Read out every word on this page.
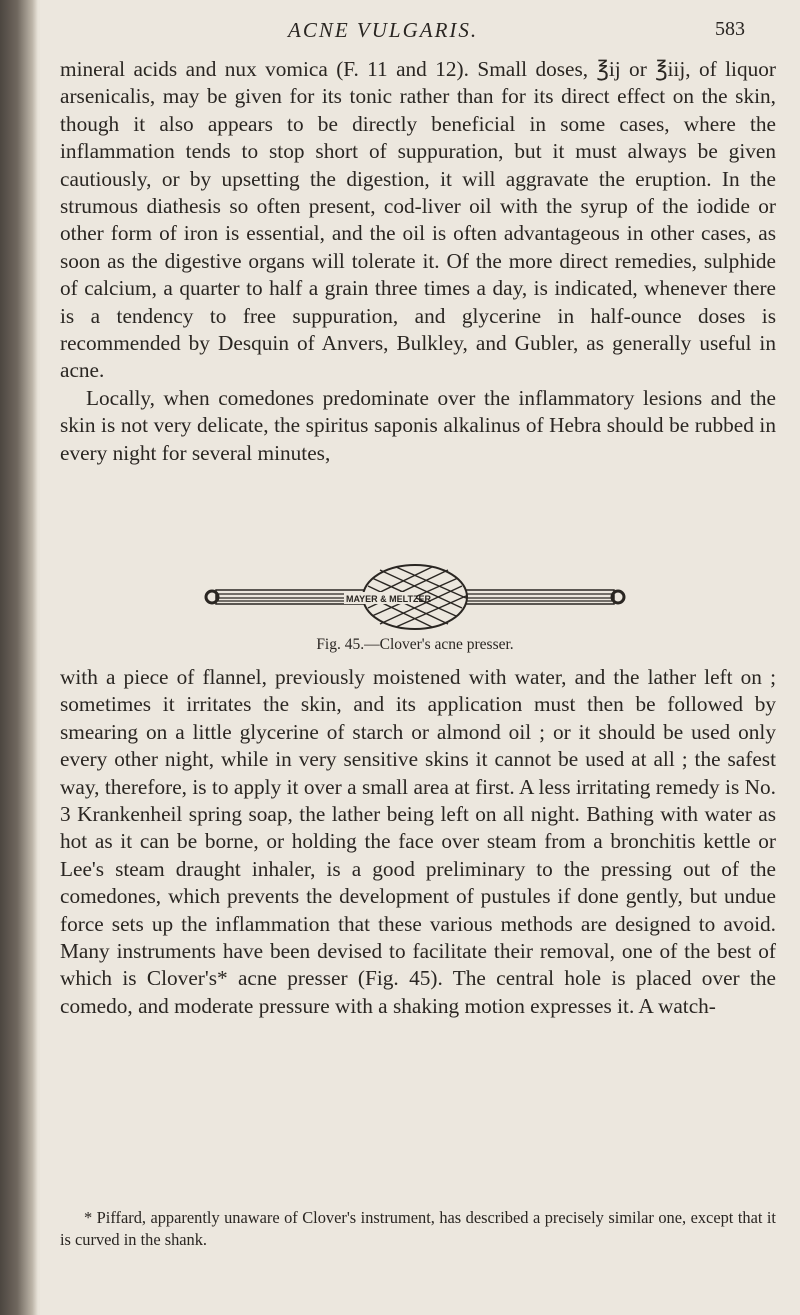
ACNE VULGARIS.	583

mineral acids and nux vomica (F. 11 and 12). Small doses, ℥ij or ℥iij, of liquor arsenicalis, may be given for its tonic rather than for its direct effect on the skin, though it also appears to be directly beneficial in some cases, where the inflammation tends to stop short of suppuration, but it must always be given cautiously, or by upsetting the digestion, it will aggravate the eruption. In the strumous diathesis so often present, cod-liver oil with the syrup of the iodide or other form of iron is essential, and the oil is often advantageous in other cases, as soon as the digestive organs will tolerate it. Of the more direct remedies, sulphide of calcium, a quarter to half a grain three times a day, is indicated, whenever there is a tendency to free suppuration, and glycerine in half-ounce doses is recommended by Desquin of Anvers, Bulkley, and Gubler, as generally useful in acne.

Locally, when comedones predominate over the inflammatory lesions and the skin is not very delicate, the spiritus saponis alkalinus of Hebra should be rubbed in every night for several minutes,

MAYER & MELTZER
Fig. 45.—Clover's acne presser.

with a piece of flannel, previously moistened with water, and the lather left on ; sometimes it irritates the skin, and its application must then be followed by smearing on a little glycerine of starch or almond oil ; or it should be used only every other night, while in very sensitive skins it cannot be used at all ; the safest way, therefore, is to apply it over a small area at first. A less irritating remedy is No. 3 Krankenheil spring soap, the lather being left on all night. Bathing with water as hot as it can be borne, or holding the face over steam from a bronchitis kettle or Lee's steam draught inhaler, is a good preliminary to the pressing out of the comedones, which prevents the development of pustules if done gently, but undue force sets up the inflammation that these various methods are designed to avoid. Many instruments have been devised to facilitate their removal, one of the best of which is Clover's* acne presser (Fig. 45). The central hole is placed over the comedo, and moderate pressure with a shaking motion expresses it. A watch-

* Piffard, apparently unaware of Clover's instrument, has described a precisely similar one, except that it is curved in the shank.
